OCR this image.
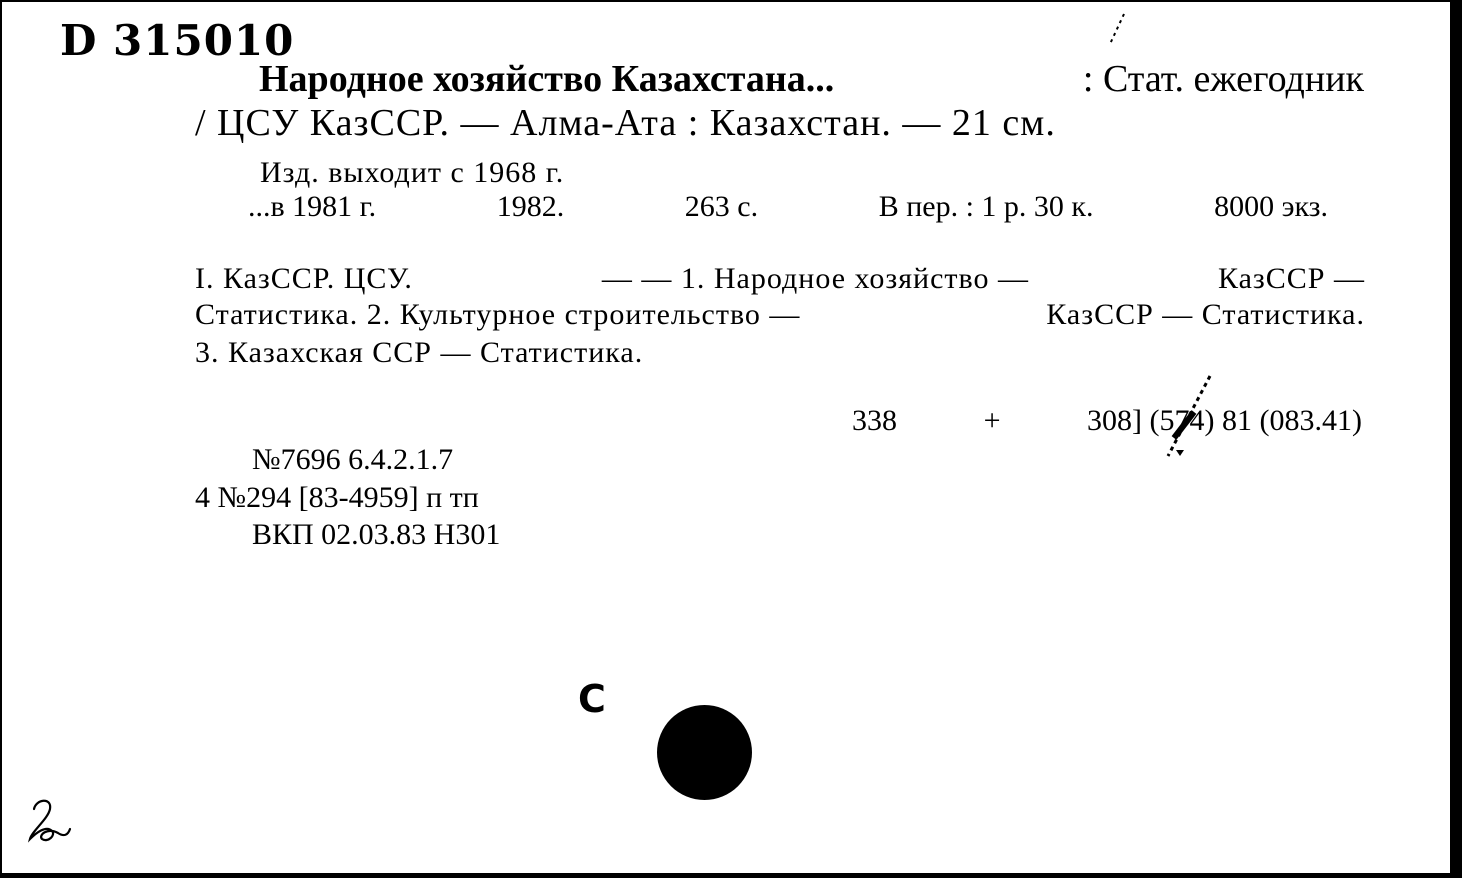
D 315010
Народное хозяйство Казахстана...	: Стат. ежегодник
/ ЦСУ КазССР. — Алма-Ата : Казахстан. — 21 см.
Изд. выходит с 1968 г.
...в 1981 г.	1982.	263 с.	В пер. : 1 р. 30 к.	8000 экз.
I. КазССР. ЦСУ.	— — 1. Народное хозяйство —	КазССР —
Статистика. 2. Культурное строительство —	КазССР — Статистика.
3. Казахская ССР — Статистика.
338	+	308] (574) 81 (083.41)
№7696 6.4.2.1.7
4 №294 [83-4959] п тп
ВКП 02.03.83 Н301
С
